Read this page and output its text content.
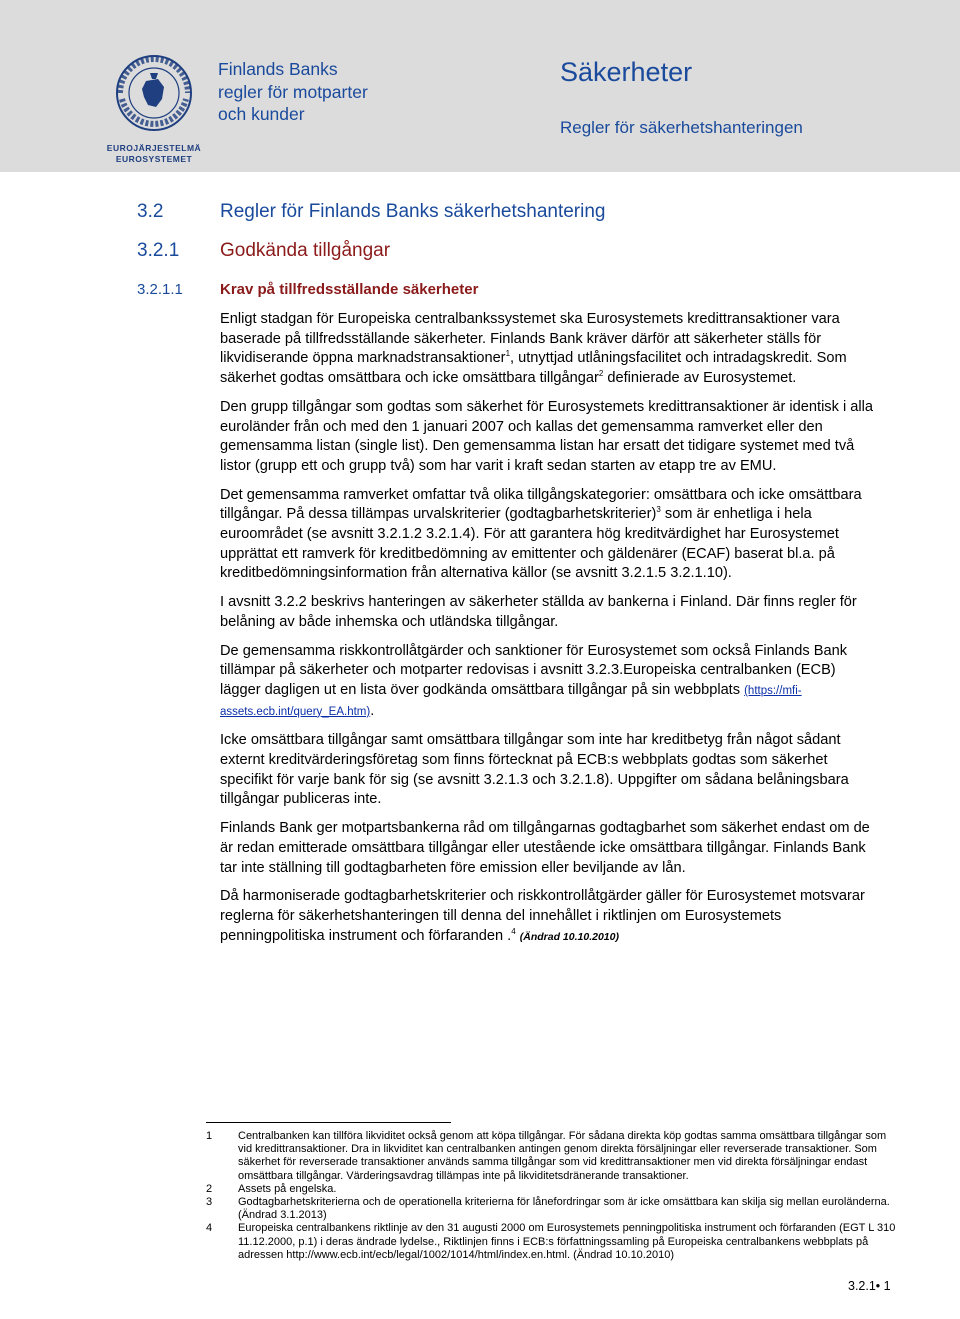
EUROJÄRJESTELMÄ
EUROSYSTEMET
Finlands Banks
regler för motparter
och kunder
Säkerheter
Regler för säkerhetshanteringen
3.2	Regler för Finlands Banks säkerhetshantering
3.2.1 Godkända tillgångar
3.2.1.1 Krav på tillfredsställande säkerheter

Enligt stadgan för Europeiska centralbankssystemet ska Eurosystemets kredittransaktioner vara baserade på tillfredsställande säkerheter. Finlands Bank kräver därför att säkerheter ställs för likvidiserande öppna marknadstransaktioner$^1$, utnyttjad utlåningsfacilitet och intradagskredit. Som säkerhet godtas omsättbara och icke omsättbara tillgångar$^2$ definierade av Eurosystemet.

Den grupp tillgångar som godtas som säkerhet för Eurosystemets kredittransaktioner är identisk i alla euroländer från och med den 1 januari 2007 och kallas det gemensamma ramverket eller den gemensamma listan (single list). Den gemensamma listan har ersatt det tidigare systemet med två listor (grupp ett och grupp två) som har varit i kraft sedan starten av etapp tre av EMU.

Det gemensamma ramverket omfattar två olika tillgångskategorier: omsättbara och icke omsättbara tillgångar. På dessa tillämpas urvalskriterier (godtagbarhetskriterier)$^3$ som är enhetliga i hela euroområdet (se avsnitt 3.2.1.2 3.2.1.4). För att garantera hög kreditvärdighet har Eurosystemet upprättat ett ramverk för kreditbedömning av emittenter och gäldenärer (ECAF) baserat bl.a. på kreditbedömningsinformation från alternativa källor (se avsnitt 3.2.1.5 3.2.1.10).

I avsnitt 3.2.2 beskrivs hanteringen av säkerheter ställda av bankerna i Finland. Där finns regler för belåning av både inhemska och utländska tillgångar.

De gemensamma riskkontrollåtgärder och sanktioner för Eurosystemet som också Finlands Bank tillämpar på säkerheter och motparter redovisas i avsnitt 3.2.3.Europeiska centralbanken (ECB) lägger dagligen ut en lista över godkända omsättbara tillgångar på sin webbplats (https://mfi-assets.ecb.int/query_EA.htm).

Icke omsättbara tillgångar samt omsättbara tillgångar som inte har kreditbetyg från något sådant externt kreditvärderingsföretag som finns förtecknat på ECB:s webbplats godtas som säkerhet specifikt för varje bank för sig (se avsnitt 3.2.1.3 och 3.2.1.8). Uppgifter om sådana belåningsbara tillgångar publiceras inte.

Finlands Bank ger motpartsbankerna råd om tillgångarnas godtagbarhet som säkerhet endast om de är redan emitterade omsättbara tillgångar eller utestående icke omsättbara tillgångar. Finlands Bank tar inte ställning till godtagbarheten före emission eller beviljande av lån.

Då harmoniserade godtagbarhetskriterier och riskkontrollåtgärder gäller för Eurosystemet motsvarar reglerna för säkerhetshanteringen till denna del innehållet i riktlinjen om Eurosystemets penningpolitiska instrument och förfaranden .$^4$ (Ändrad 10.10.2010)

1	Centralbanken kan tillföra likviditet också genom att köpa tillgångar. För sådana direkta köp godtas samma omsättbara tillgångar som vid kredittransaktioner. Dra in likviditet kan centralbanken antingen genom direkta försäljningar eller reverserade transaktioner. Som säkerhet för reverserade transaktioner används samma tillgångar som vid kredittransaktioner men vid direkta försäljningar endast omsättbara tillgångar. Värderingsavdrag tillämpas inte på likviditetsdränerande transaktioner.
2	Assets på engelska.
3	Godtagbarhetskriterierna och de operationella kriterierna för lånefordringar som är icke omsättbara kan skilja sig mellan euroländerna. (Ändrad 3.1.2013)
4	Europeiska centralbankens riktlinje av den 31 augusti 2000 om Eurosystemets penningpolitiska instrument och förfaranden (EGT L 310 11.12.2000, p.1) i deras ändrade lydelse., Riktlinjen finns i ECB:s författningssamling på Europeiska centralbankens webbplats på adressen http://www.ecb.int/ecb/legal/1002/1014/html/index.en.html. (Ändrad 10.10.2010)
3.2.1• 1
